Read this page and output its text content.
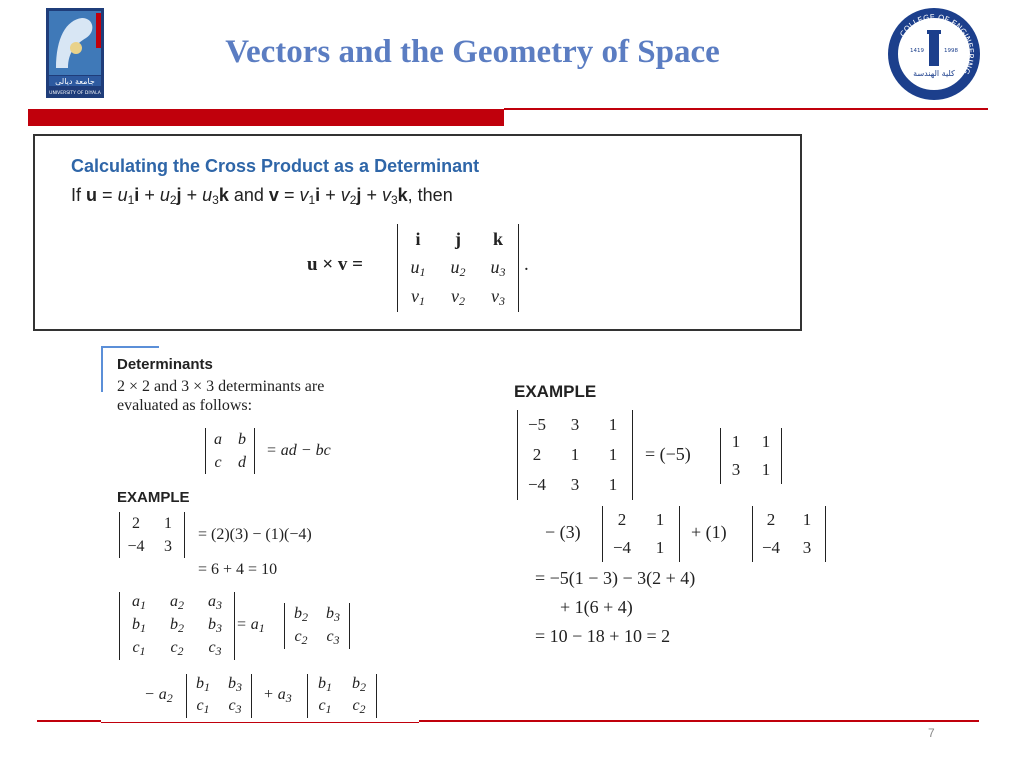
جامعة ديالى
UNIVERSITY OF DIYALA
Vectors and the Geometry of Space
COLLEGE OF ENGINEERING
1419	1998
كلية الهندسة
Calculating the Cross Product as a Determinant
If $u = u_1i + u_2j + u_3k$ and $v = v_1i + v_2j + v_3k$, then
u × v =
i	j	k
$u_1$	$u_2$	$u_3$
$v_1$	$v_2$	$v_3$
.
Determinants
2 × 2 and 3 × 3 determinants are
evaluated as follows:
a	b
c	d
= ad − bc
EXAMPLE
2	1
−4	3
= (2)(3) − (1)(−4)
= 6 + 4 = 10
$a_1$	$a_2$	$a_3$
$b_1$	$b_2$	$b_3$
$c_1$	$c_2$	$c_3$
= $a_1$
$b_2$	$b_3$
$c_2$	$c_3$
− $a_2$
$b_1$	$b_3$
$c_1$	$c_3$
+ $a_3$
$b_1$	$b_2$
$c_1$	$c_2$
EXAMPLE
−5	3	1
2	1	1
−4	3	1
= (−5)
1	1
3	1
− (3)
2	1
−4	1
+ (1)
2	1
−4	3
= −5(1 − 3) − 3(2 + 4)
+ 1(6 + 4)
= 10 − 18 + 10 = 2
7
